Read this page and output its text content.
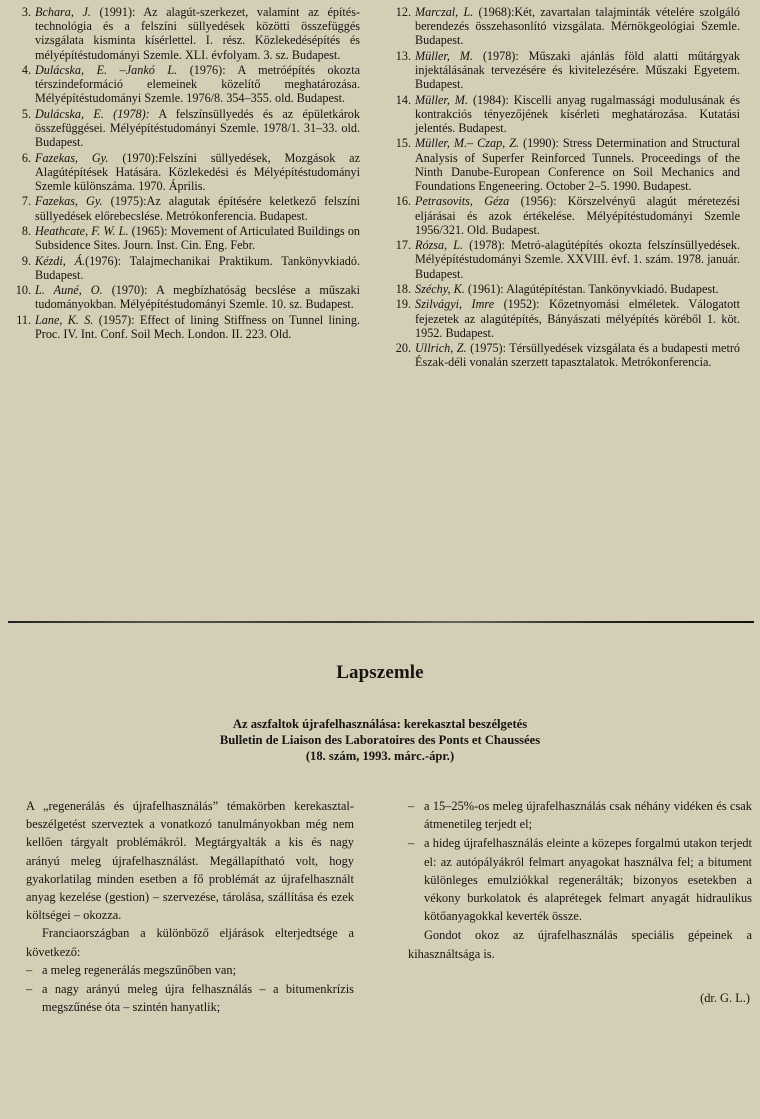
3. Bchara, J. (1991): Az alagút-szerkezet, valamint az építés-technológia és a felszíni süllyedések közötti összefüggés vizsgálata kisminta kísérlettel. I. rész. Közlekedésépítés és mélyépítéstudományi Szemle. XLI. évfolyam. 3. sz. Budapest.
4. Dulácska, E. –Jankó L. (1976): A metróépítés okozta térszindeformáció elemeinek közelítő meghatározása. Mélyépítéstudományi Szemle. 1976/8. 354–355. old. Budapest.
5. Dulácska, E. (1978): A felszínsüllyedés és az épületkárok összefüggései. Mélyépítéstudományi Szemle. 1978/1. 31–33. old. Budapest.
6. Fazekas, Gy. (1970):Felszíni süllyedések, Mozgások az Alagútépítések Hatására. Közlekedési és Mélyépítéstudományi Szemle különszáma. 1970. Április.
7. Fazekas, Gy. (1975):Az alagutak építésére keletkező felszíni süllyedések előrebecslése. Metrókonferencia. Budapest.
8. Heathcate, F. W. L. (1965): Movement of Articulated Buildings on Subsidence Sites. Journ. Inst. Cin. Eng. Febr.
9. Kézdi, Á.(1976): Talajmechanikai Praktikum. Tankönyvkiadó. Budapest.
10. L. Auné, O. (1970): A megbízhatóság becslése a műszaki tudományokban. Mélyépítéstudományi Szemle. 10. sz. Budapest.
11. Lane, K. S. (1957): Effect of lining Stiffness on Tunnel lining. Proc. IV. Int. Conf. Soil Mech. London. II. 223. Old.
12. Marczal, L. (1968):Két, zavartalan talajminták vételére szolgáló berendezés összehasonlító vizsgálata. Mérnökgeológiai Szemle. Budapest.
13. Müller, M. (1978): Műszaki ajánlás föld alatti műtárgyak injektálásának tervezésére és kivitelezésére. Műszaki Egyetem. Budapest.
14. Müller, M. (1984): Kiscelli anyag rugalmassági modulusának és kontrakciós tényezőjének kísérleti meghatározása. Kutatási jelentés. Budapest.
15. Müller, M.– Czap, Z. (1990): Stress Determination and Structural Analysis of Superfer Reinforced Tunnels. Proceedings of the Ninth Danube-European Conference on Soil Mechanics and Foundations Engeneering. October 2–5. 1990. Budapest.
16. Petrasovits, Géza (1956): Körszelvényű alagút méretezési eljárásai és azok értékelése. Mélyépítéstudományi Szemle 1956/321. Old. Budapest.
17. Rózsa, L. (1978): Metró-alagútépítés okozta felszínsüllyedések. Mélyépítéstudományi Szemle. XXVIII. évf. 1. szám. 1978. január. Budapest.
18. Széchy, K. (1961): Alagútépítéstan. Tankönyvkiadó. Budapest.
19. Szilvágyi, Imre (1952): Kőzetnyomási elméletek. Válogatott fejezetek az alagútépítés, Bányászati mélyépítés köréből 1. köt. 1952. Budapest.
20. Ullrich, Z. (1975): Térsüllyedések vizsgálata és a budapesti metró Észak-déli vonalán szerzett tapasztalatok. Metrókonferencia.
Lapszemle
Az aszfaltok újrafelhasználása: kerekasztal beszélgetés
Bulletin de Liaison des Laboratoires des Ponts et Chaussées
(18. szám, 1993. márc.-ápr.)

A „regenerálás és újrafelhasználás” témakörben kerekasztal-beszélgetést szerveztek a vonatkozó tanulmányokban még nem kellően tárgyalt problémákról. Megtárgyalták a kis és nagy arányú meleg újrafelhasználást. Megállapítható volt, hogy gyakorlatilag minden esetben a fő problémát az újrafelhasznált anyag kezelése (gestion) – szervezése, tárolása, szállítása és ezek költségei – okozza.

Franciaországban a különböző eljárások elterjedtsége a következő:

– a meleg regenerálás megszűnőben van;
– a nagy arányú meleg újra felhasználás – a bitumenkrízis megszűnése óta – szintén hanyatlik;
– a 15–25%-os meleg újrafelhasználás csak néhány vidéken és csak átmenetileg terjedt el;
– a hideg újrafelhasználás eleinte a közepes forgalmú utakon terjedt el: az autópályákról felmart anyagokat használva fel; a bitument különleges emulziókkal regenerálták; bizonyos esetekben a vékony burkolatok és alaprétegek felmart anyagát hidraulikus kötőanyagokkal keverték össze.

Gondot okoz az újrafelhasználás speciális gépeinek a kihasználtsága is.

(dr. G. L.)
